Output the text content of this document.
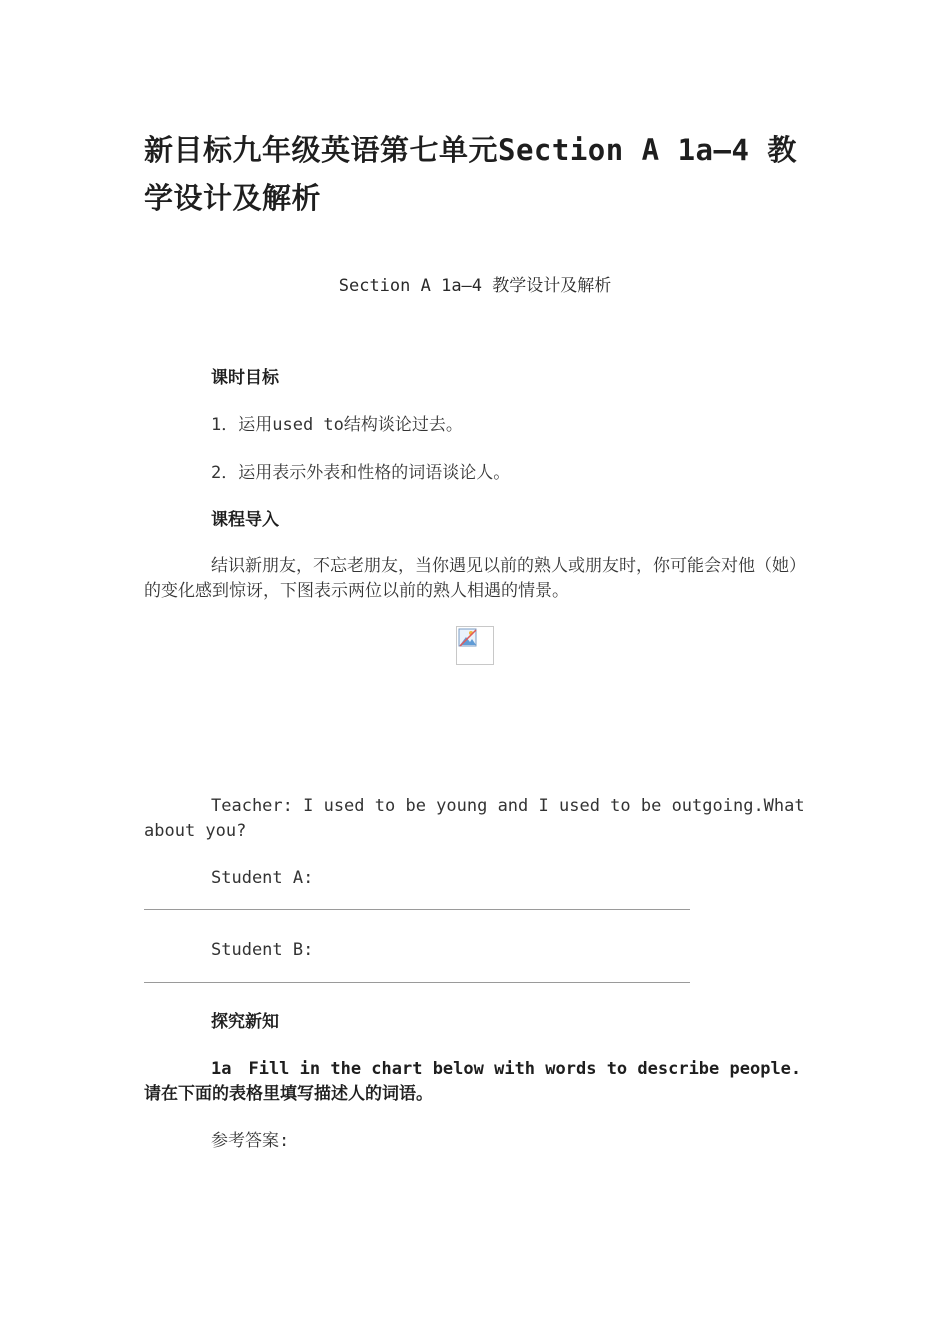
新目标九年级英语第七单元Section A 1a—4 教学设计及解析
Section A 1a—4 教学设计及解析
课时目标
1．运用used to结构谈论过去。
2．运用表示外表和性格的词语谈论人。
课程导入
结识新朋友，不忘老朋友，当你遇见以前的熟人或朋友时，你可能会对他（她）的变化感到惊讶，下图表示两位以前的熟人相遇的情景。
Teacher: I used to be young and I used to be outgoing.What about you?
Student A:
Student B:
探究新知
1a　Fill in the chart below with words to describe people.请在下面的表格里填写描述人的词语。
参考答案:
